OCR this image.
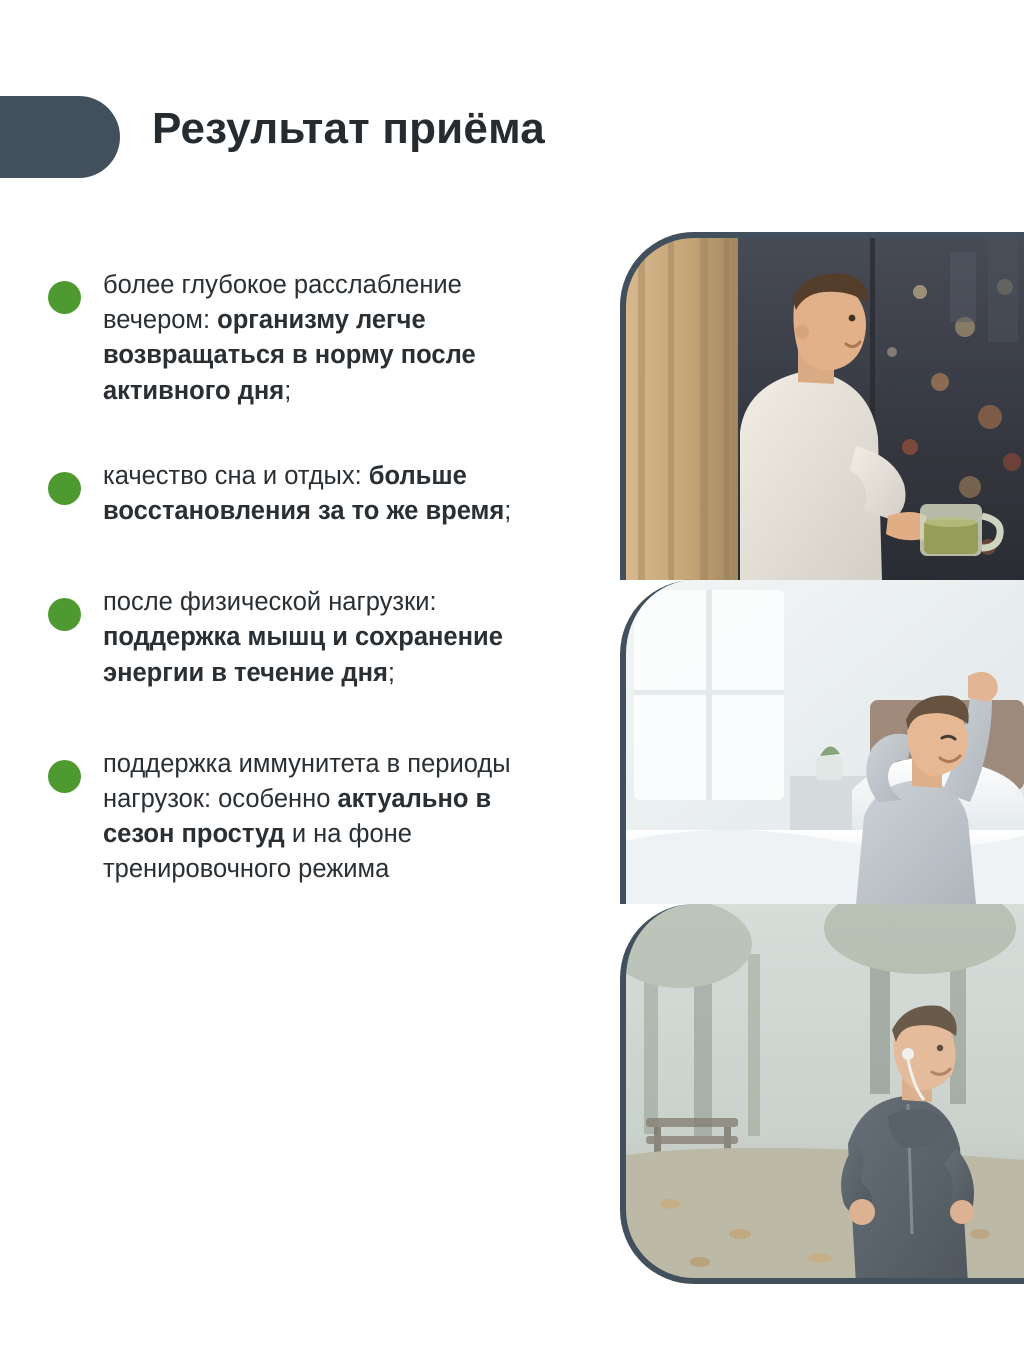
Результат приёма
более глубокое расслабление вечером: организму легче возвращаться в норму после активного дня;
качество сна и отдых: больше восстановления за то же время;
после физической нагрузки: поддержка мышц и сохранение энергии в течение дня;
поддержка иммунитета в периоды нагрузок: особенно актуально в сезон простуд и на фоне тренировочного режима
